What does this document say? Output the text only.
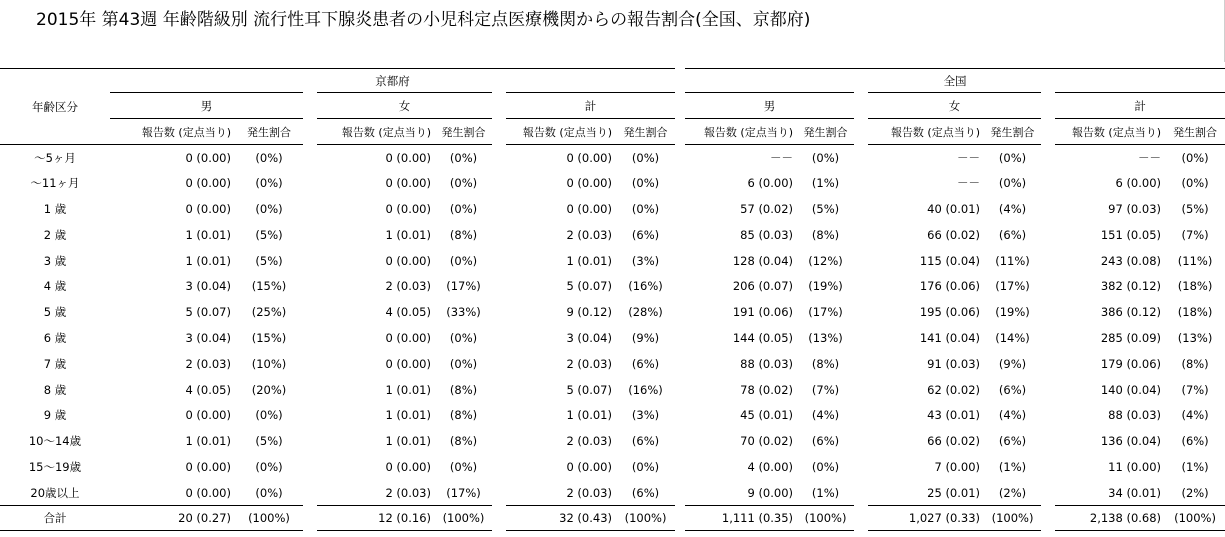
2015年 第43週 年齢階級別 流行性耳下腺炎患者の小児科定点医療機関からの報告割合(全国、京都府)
年齢区分	京都府						全国					
	男		女		計		男		女		計	
	報告数 (定点当り)	発生割合	報告数 (定点当り)	発生割合	報告数 (定点当り)	発生割合	報告数 (定点当り)	発生割合	報告数 (定点当り)	発生割合	報告数 (定点当り)	発生割合
〜5ヶ月	0 (0.00)	(0%)	0 (0.00)	(0%)	0 (0.00)	(0%)	－－	(0%)	－－	(0%)	－－	(0%)
〜11ヶ月	0 (0.00)	(0%)	0 (0.00)	(0%)	0 (0.00)	(0%)	6 (0.00)	(1%)	－－	(0%)	6 (0.00)	(0%)
1 歳	0 (0.00)	(0%)	0 (0.00)	(0%)	0 (0.00)	(0%)	57 (0.02)	(5%)	40 (0.01)	(4%)	97 (0.03)	(5%)
2 歳	1 (0.01)	(5%)	1 (0.01)	(8%)	2 (0.03)	(6%)	85 (0.03)	(8%)	66 (0.02)	(6%)	151 (0.05)	(7%)
3 歳	1 (0.01)	(5%)	0 (0.00)	(0%)	1 (0.01)	(3%)	128 (0.04)	(12%)	115 (0.04)	(11%)	243 (0.08)	(11%)
4 歳	3 (0.04)	(15%)	2 (0.03)	(17%)	5 (0.07)	(16%)	206 (0.07)	(19%)	176 (0.06)	(17%)	382 (0.12)	(18%)
5 歳	5 (0.07)	(25%)	4 (0.05)	(33%)	9 (0.12)	(28%)	191 (0.06)	(17%)	195 (0.06)	(19%)	386 (0.12)	(18%)
6 歳	3 (0.04)	(15%)	0 (0.00)	(0%)	3 (0.04)	(9%)	144 (0.05)	(13%)	141 (0.04)	(14%)	285 (0.09)	(13%)
7 歳	2 (0.03)	(10%)	0 (0.00)	(0%)	2 (0.03)	(6%)	88 (0.03)	(8%)	91 (0.03)	(9%)	179 (0.06)	(8%)
8 歳	4 (0.05)	(20%)	1 (0.01)	(8%)	5 (0.07)	(16%)	78 (0.02)	(7%)	62 (0.02)	(6%)	140 (0.04)	(7%)
9 歳	0 (0.00)	(0%)	1 (0.01)	(8%)	1 (0.01)	(3%)	45 (0.01)	(4%)	43 (0.01)	(4%)	88 (0.03)	(4%)
10〜14歳	1 (0.01)	(5%)	1 (0.01)	(8%)	2 (0.03)	(6%)	70 (0.02)	(6%)	66 (0.02)	(6%)	136 (0.04)	(6%)
15〜19歳	0 (0.00)	(0%)	0 (0.00)	(0%)	0 (0.00)	(0%)	4 (0.00)	(0%)	7 (0.00)	(1%)	11 (0.00)	(1%)
20歳以上	0 (0.00)	(0%)	2 (0.03)	(17%)	2 (0.03)	(6%)	9 (0.00)	(1%)	25 (0.01)	(2%)	34 (0.01)	(2%)
合計	20 (0.27)	(100%)	12 (0.16)	(100%)	32 (0.43)	(100%)	1,111 (0.35)	(100%)	1,027 (0.33)	(100%)	2,138 (0.68)	(100%)
